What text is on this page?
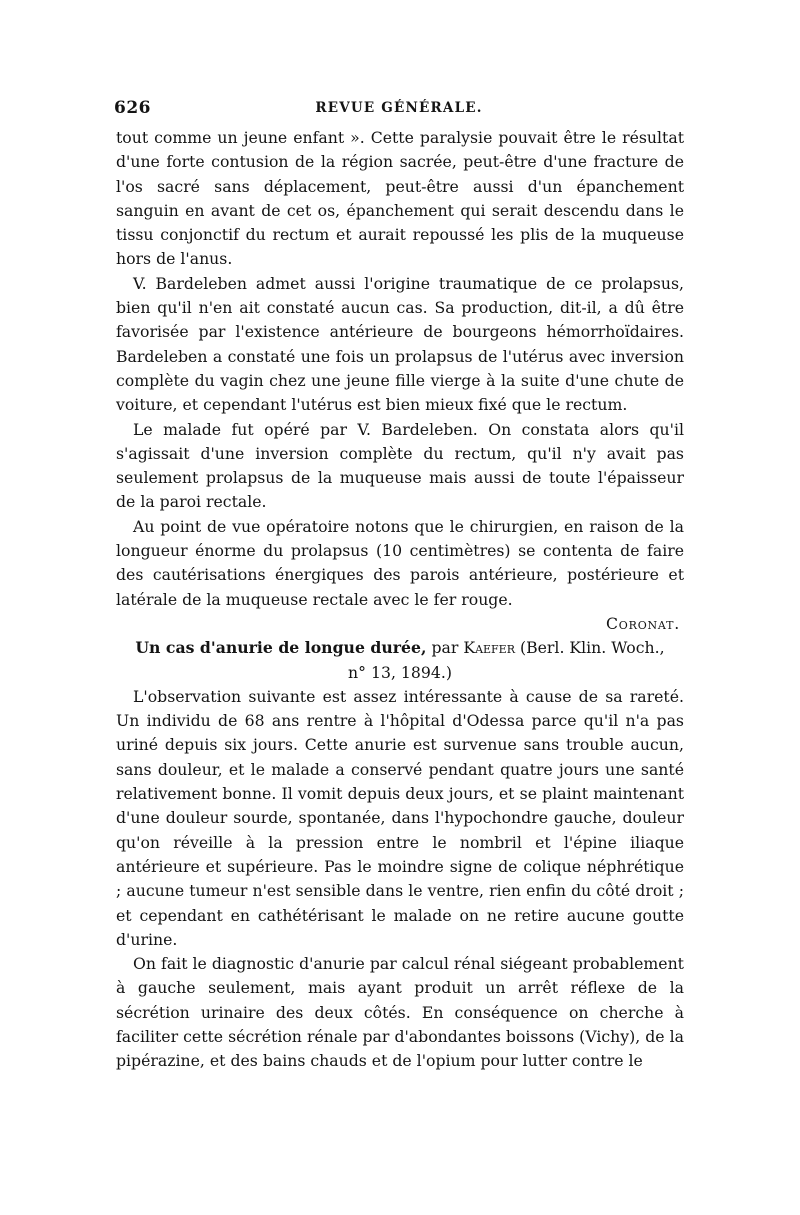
626	REVUE GÉNÉRALE.

tout comme un jeune enfant ». Cette paralysie pouvait être le résultat d'une forte contusion de la région sacrée, peut-être d'une fracture de l'os sacré sans déplacement, peut-être aussi d'un épanchement sanguin en avant de cet os, épanchement qui serait descendu dans le tissu conjonctif du rectum et aurait repoussé les plis de la muqueuse hors de l'anus.

V. Bardeleben admet aussi l'origine traumatique de ce prolapsus, bien qu'il n'en ait constaté aucun cas. Sa production, dit-il, a dû être favorisée par l'existence antérieure de bourgeons hémorrhoïdaires. Bardeleben a constaté une fois un prolapsus de l'utérus avec inversion complète du vagin chez une jeune fille vierge à la suite d'une chute de voiture, et cependant l'utérus est bien mieux fixé que le rectum.

Le malade fut opéré par V. Bardeleben. On constata alors qu'il s'agissait d'une inversion complète du rectum, qu'il n'y avait pas seulement prolapsus de la muqueuse mais aussi de toute l'épaisseur de la paroi rectale.

Au point de vue opératoire notons que le chirurgien, en raison de la longueur énorme du prolapsus (10 centimètres) se contenta de faire des cautérisations énergiques des parois antérieure, postérieure et latérale de la muqueuse rectale avec le fer rouge.

Coronat.

Un cas d'anurie de longue durée, par Kaefer (Berl. Klin. Woch.,
n° 13, 1894.)

L'observation suivante est assez intéressante à cause de sa rareté. Un individu de 68 ans rentre à l'hôpital d'Odessa parce qu'il n'a pas uriné depuis six jours. Cette anurie est survenue sans trouble aucun, sans douleur, et le malade a conservé pendant quatre jours une santé relativement bonne. Il vomit depuis deux jours, et se plaint maintenant d'une douleur sourde, spontanée, dans l'hypochondre gauche, douleur qu'on réveille à la pression entre le nombril et l'épine iliaque antérieure et supérieure. Pas le moindre signe de colique néphrétique ; aucune tumeur n'est sensible dans le ventre, rien enfin du côté droit ; et cependant en cathétérisant le malade on ne retire aucune goutte d'urine.

On fait le diagnostic d'anurie par calcul rénal siégeant probablement à gauche seulement, mais ayant produit un arrêt réflexe de la sécrétion urinaire des deux côtés. En conséquence on cherche à faciliter cette sécrétion rénale par d'abondantes boissons (Vichy), de la pipérazine, et des bains chauds et de l'opium pour lutter contre le
